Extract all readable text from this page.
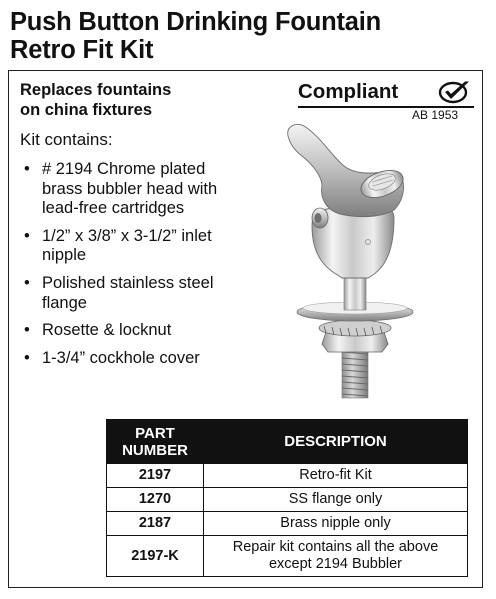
Push Button Drinking Fountain
Retro Fit Kit
Replaces fountains
on china fixtures
Kit contains:
• # 2194 Chrome plated
brass bubbler head with
lead-free cartridges
• 1/2” x 3/8” x 3-1/2” inlet
nipple
• Polished stainless steel
flange
• Rosette & locknut
• 1-3/4” cockhole cover
Compliant
AB 1953
PART
NUMBER	DESCRIPTION
2197	Retro-fit Kit
1270	SS flange only
2187	Brass nipple only
2197-K	Repair kit contains all the above
except 2194 Bubbler
